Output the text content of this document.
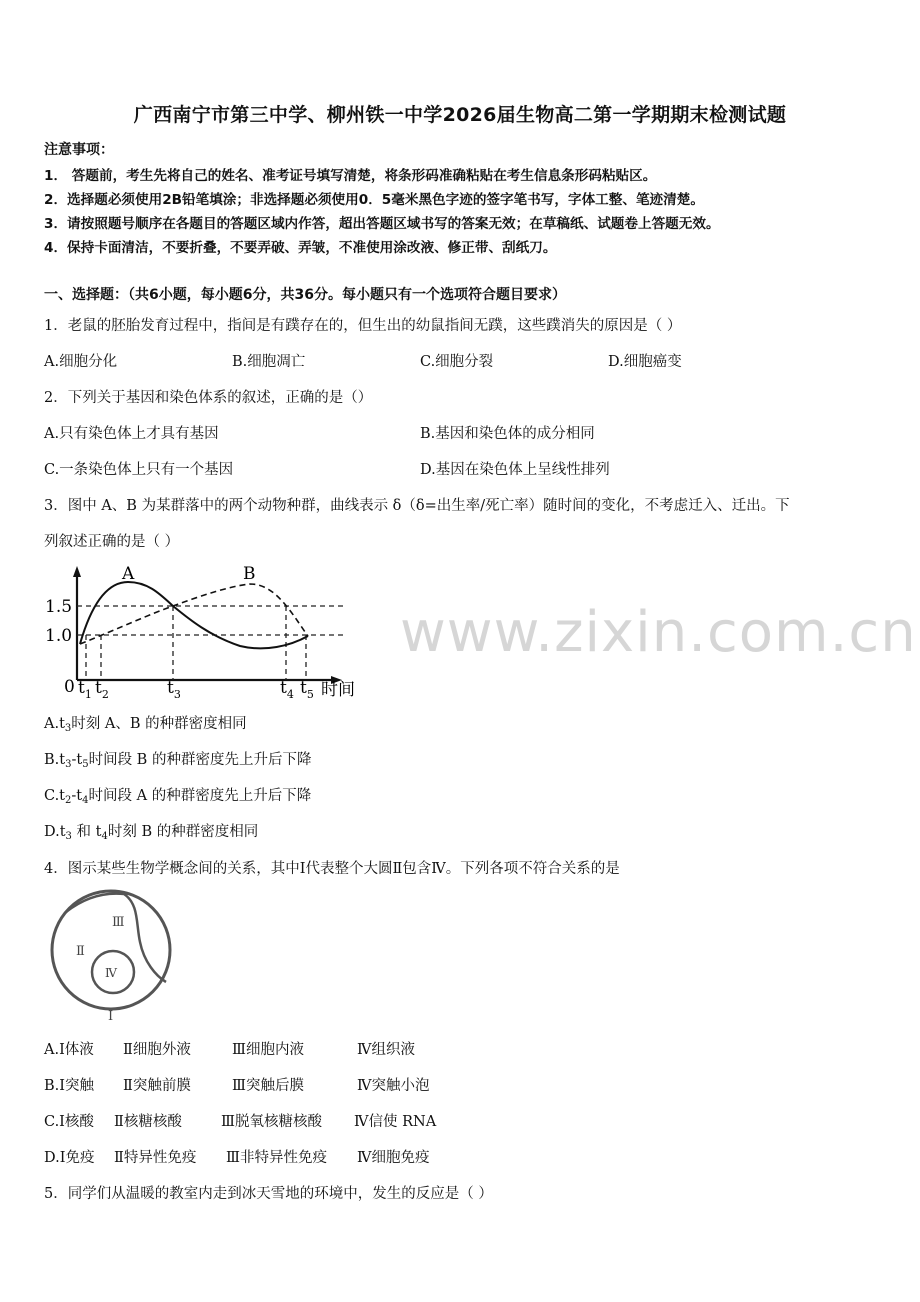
www.zixin.com.cn
广西南宁市第三中学、柳州铁一中学2026届生物高二第一学期期末检测试题
注意事项：
1． 答题前，考生先将自己的姓名、准考证号填写清楚，将条形码准确粘贴在考生信息条形码粘贴区。
2．选择题必须使用2B铅笔填涂；非选择题必须使用0．5毫米黑色字迹的签字笔书写，字体工整、笔迹清楚。
3．请按照题号顺序在各题目的答题区域内作答，超出答题区域书写的答案无效；在草稿纸、试题卷上答题无效。
4．保持卡面清洁，不要折叠，不要弄破、弄皱，不准使用涂改液、修正带、刮纸刀。
一、选择题：（共6小题，每小题6分，共36分。每小题只有一个选项符合题目要求）
1．老鼠的胚胎发育过程中，指间是有蹼存在的，但生出的幼鼠指间无蹼，这些蹼消失的原因是（ ）
A.细胞分化	B.细胞凋亡	C.细胞分裂	D.细胞癌变
2．下列关于基因和染色体系的叙述，正确的是（）
A.只有染色体上才具有基因	B.基因和染色体的成分相同
C.一条染色体上只有一个基因	D.基因在染色体上呈线性排列
3．图中 A、B 为某群落中的两个动物种群，曲线表示 δ（δ=出生率/死亡率）随时间的变化，不考虑迁入、迁出。下
列叙述正确的是（ ）
A	B
1.5
1.0
0 $t_1$ $t_2$	$t_3$	$t_4$ $t_5$ 时间
$A.t_3$时刻 A、B 的种群密度相同
$B.t_3-t_5$时间段 B 的种群密度先上升后下降
$C.t_2-t_4$时间段 A 的种群密度先上升后下降
$D.t_3$ 和 $t_4$时刻 B 的种群密度相同
4．图示某些生物学概念间的关系，其中Ⅰ代表整个大圆Ⅱ包含Ⅳ。下列各项不符合关系的是
Ⅲ
Ⅱ
Ⅳ
Ⅰ
A.Ⅰ体液 Ⅱ细胞外液	Ⅲ细胞内液	Ⅳ组织液
B.Ⅰ突触 Ⅱ突触前膜	Ⅲ突触后膜	Ⅳ突触小泡
C.Ⅰ核酸 Ⅱ核糖核酸	Ⅲ脱氧核糖核酸 Ⅳ信使 RNA
D.Ⅰ免疫 Ⅱ特异性免疫 Ⅲ非特异性免疫 Ⅳ细胞免疫
5．同学们从温暖的教室内走到冰天雪地的环境中，发生的反应是（ ）
